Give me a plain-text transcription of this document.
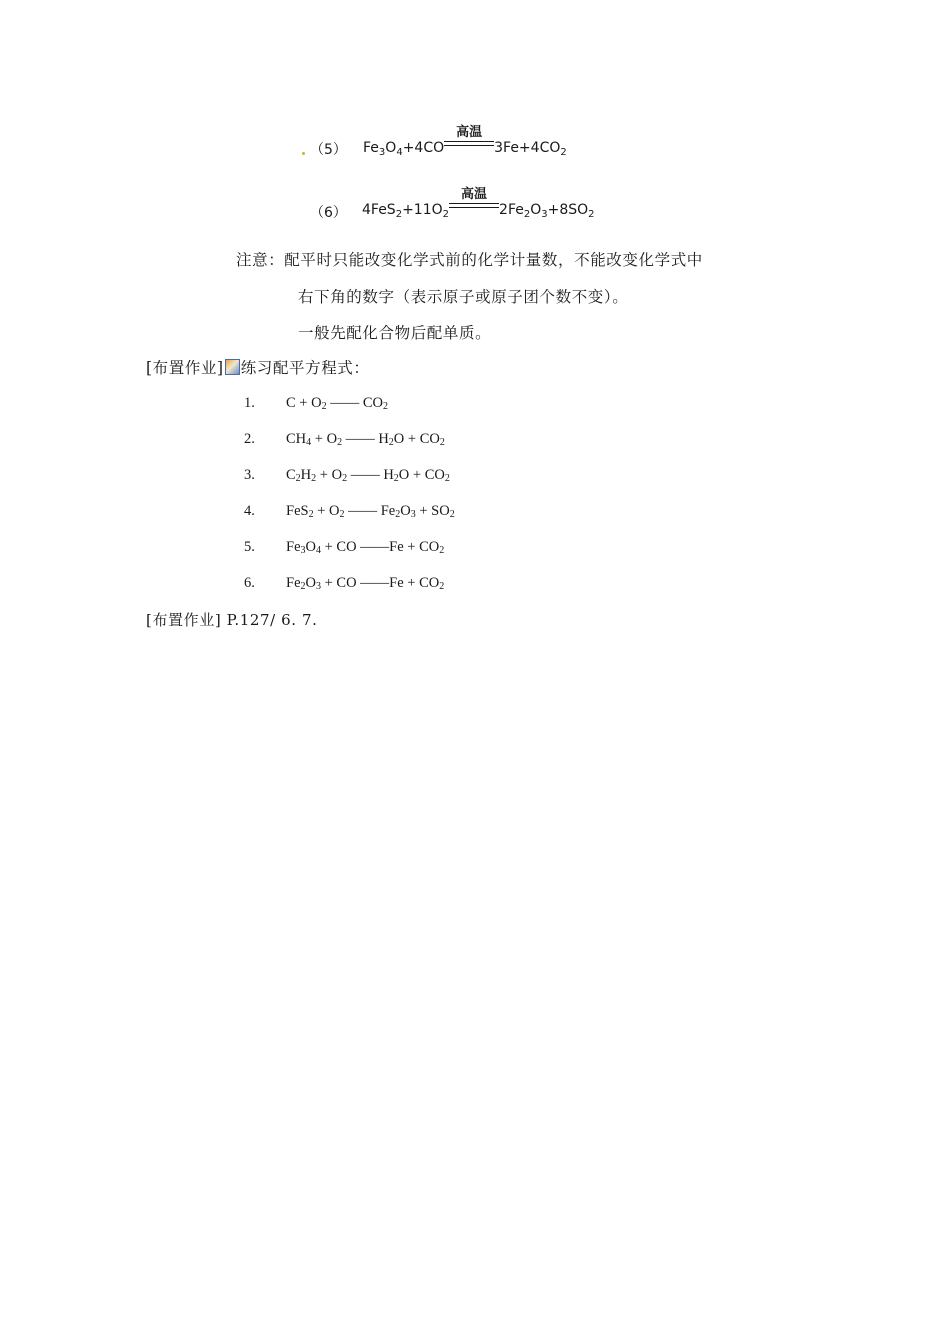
（5） $Fe_3O_4+4CO$
高温
$3Fe+4CO_2$
（6） $4FeS_2+11O_2$
高温
$2Fe_2O_3+8SO_2$
注意：配平时只能改变化学式前的化学计量数，不能改变化学式中
右下角的数字（表示原子或原子团个数不变）。
一般先配化合物后配单质。
[布置作业] 练习配平方程式：
1. $C + O_2$ —— $CO_2$
2. $CH_4 + O_2$ —— $H_2O + CO_2$
3. $C_2H_2 + O_2$ —— $H_2O + CO_2$
4. $FeS_2 + O_2$ —— $Fe_2O_3 + SO_2$
5. $Fe_3O_4$ + CO ——Fe + $CO_2$
6. $Fe_2O_3$ + CO ——Fe + $CO_2$
[布置作业] P.127/ 6. 7.
